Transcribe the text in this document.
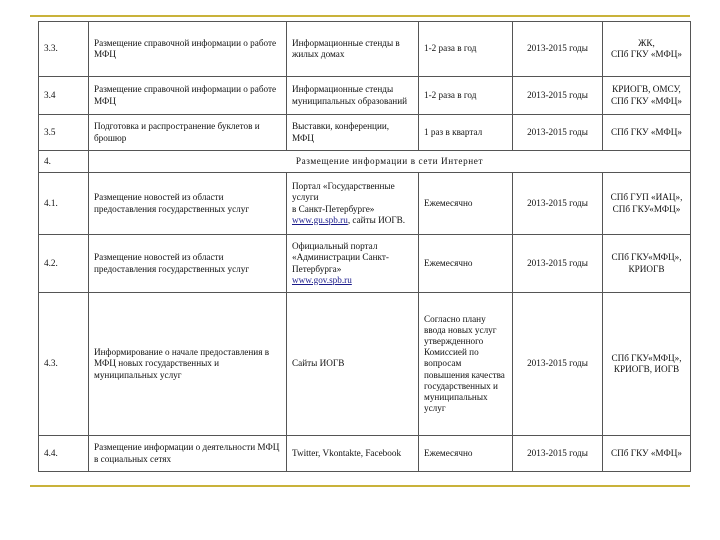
3.3.	Размещение справочной информации о работе МФЦ	Информационные стенды в жилых домах	1-2 раза в год	2013-2015 годы	ЖК,
СПб ГКУ «МФЦ»
3.4	Размещение справочной информации о работе МФЦ	Информационные стенды муниципальных образований	1-2 раза в год	2013-2015 годы	КРИОГВ, ОМСУ,
СПб ГКУ «МФЦ»
3.5	Подготовка и распространение буклетов и брошюр	Выставки, конференции, МФЦ	1 раз в квартал	2013-2015 годы	СПб ГКУ «МФЦ»
4.	Размещение информации в сети Интернет				
4.1.	Размещение новостей из области предоставления государственных услуг	Портал «Государственные услуги
в Санкт-Петербурге» www.gu.spb.ru, сайты ИОГВ.	Ежемесячно	2013-2015 годы	СПб ГУП «ИАЦ»,
СПб ГКУ«МФЦ»
4.2.	Размещение новостей из области предоставления государственных услуг	Официальный портал «Администрации Санкт-Петербурга»
www.gov.spb.ru	Ежемесячно	2013-2015 годы	СПб ГКУ«МФЦ»,
КРИОГВ
4.3.	Информирование о начале предоставления в МФЦ новых государственных и муниципальных услуг	Сайты ИОГВ	Согласно плану ввода новых услуг утвержденного Комиссией по вопросам повышения качества государственных и муниципальных услуг	2013-2015 годы	СПб ГКУ«МФЦ»,
КРИОГВ, ИОГВ
4.4.	Размещение информации о деятельности МФЦ в социальных сетях	Twitter, Vkontakte, Facebook	Ежемесячно	2013-2015 годы	СПб ГКУ «МФЦ»
